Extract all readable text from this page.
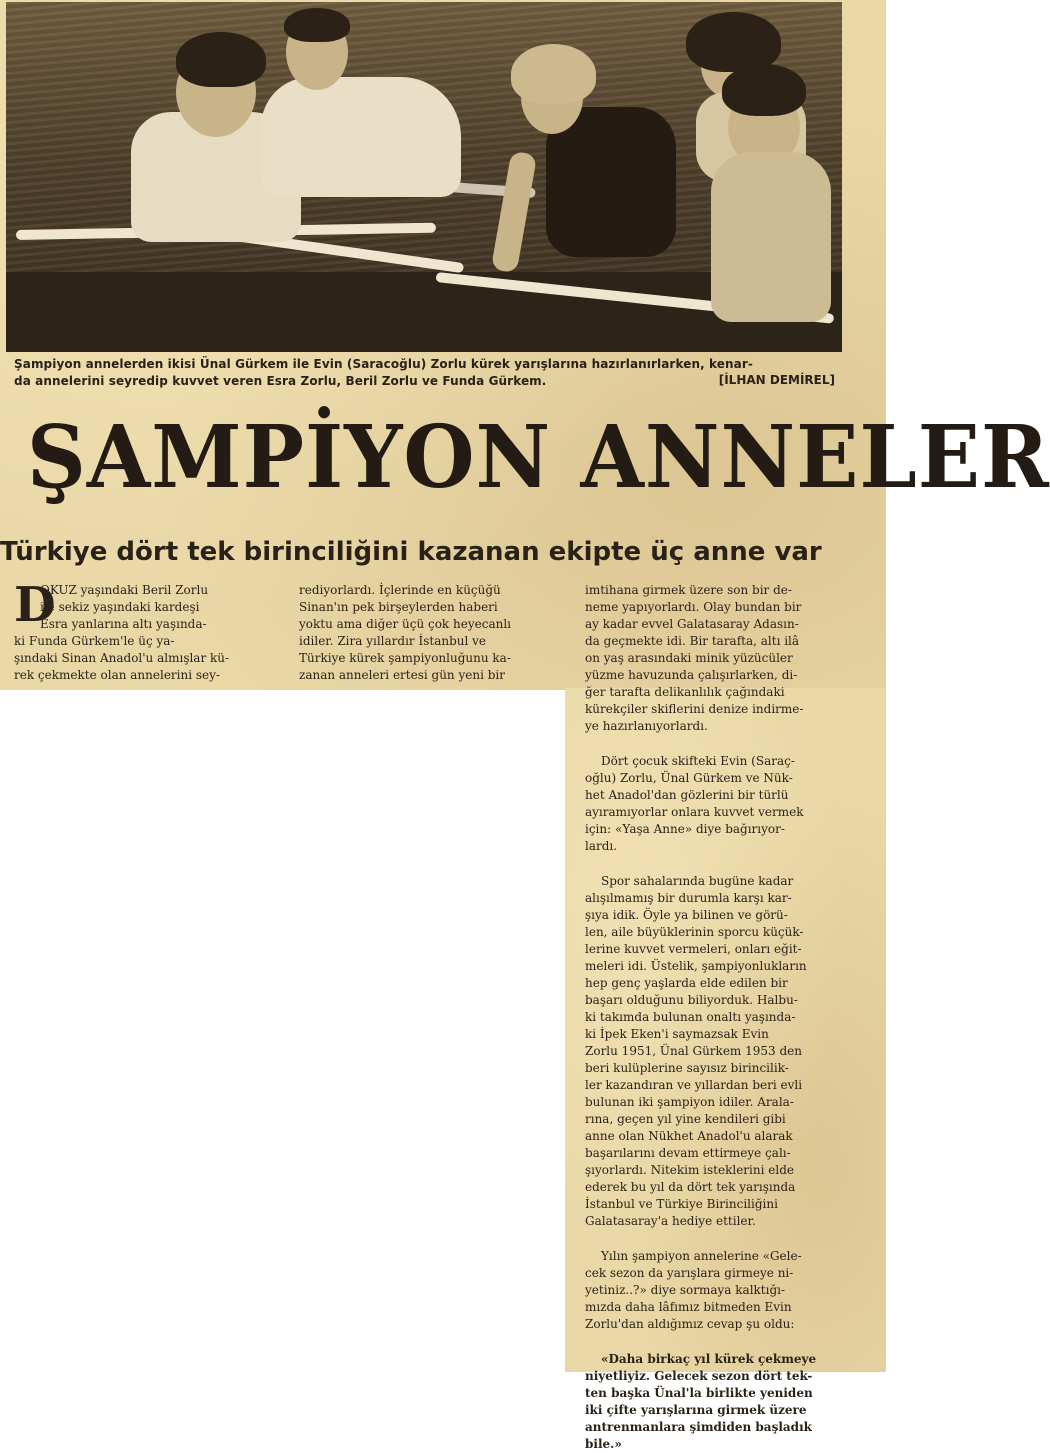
Şampiyon annelerden ikisi Ünal Gürkem ile Evin (Saracoğlu) Zorlu kürek yarışlarına hazırlanırlarken, kenar-
da annelerini seyredip kuvvet veren Esra Zorlu, Beril Zorlu ve Funda Gürkem.	[İLHAN DEMİREL]
ŞAMPİYON ANNELER
Türkiye dört tek birinciliğini kazanan ekipte üç anne var
D
OKUZ yaşındaki Beril Zorlu
ile sekiz yaşındaki kardeşi
Esra yanlarına altı yaşında-
ki Funda Gürkem'le üç ya-
şındaki Sinan Anadol'u almışlar kü-
rek çekmekte olan annelerini sey-
rediyorlardı. İçlerinde en küçüğü
Sinan'ın pek birşeylerden haberi
yoktu ama diğer üçü çok heyecanlı
idiler. Zira yıllardır İstanbul ve
Türkiye kürek şampiyonluğunu ka-
zanan anneleri ertesi gün yeni bir
imtihana girmek üzere son bir de-
neme yapıyorlardı. Olay bundan bir
ay kadar evvel Galatasaray Adasın-
da geçmekte idi. Bir tarafta, altı ilâ
on yaş arasındaki minik yüzücüler
yüzme havuzunda çalışırlarken, di-
ğer tarafta delikanlılık çağındaki
kürekçiler skiflerini denize indirme-
ye hazırlanıyorlardı.
Dört çocuk skifteki Evin (Saraç-
oğlu) Zorlu, Ünal Gürkem ve Nük-
het Anadol'dan gözlerini bir türlü
ayıramıyorlar onlara kuvvet vermek
için: «Yaşa Anne» diye bağırıyor-
lardı.
Spor sahalarında bugüne kadar
alışılmamış bir durumla karşı kar-
şıya idik. Öyle ya bilinen ve görü-
len, aile büyüklerinin sporcu küçük-
lerine kuvvet vermeleri, onları eğit-
meleri idi. Üstelik, şampiyonlukların
hep genç yaşlarda elde edilen bir
başarı olduğunu biliyorduk. Halbu-
ki takımda bulunan onaltı yaşında-
ki İpek Eken'i saymazsak Evin
Zorlu 1951, Ünal Gürkem 1953 den
beri kulüplerine sayısız birincilik-
ler kazandıran ve yıllardan beri evli
bulunan iki şampiyon idiler. Arala-
rına, geçen yıl yine kendileri gibi
anne olan Nükhet Anadol'u alarak
başarılarını devam ettirmeye çalı-
şıyorlardı. Nitekim isteklerini elde
ederek bu yıl da dört tek yarışında
İstanbul ve Türkiye Birinciliğini
Galatasaray'a hediye ettiler.
Yılın şampiyon annelerine «Gele-
cek sezon da yarışlara girmeye ni-
yetiniz..?» diye sormaya kalktığı-
mızda daha lâfımız bitmeden Evin
Zorlu'dan aldığımız cevap şu oldu:
«Daha birkaç yıl kürek çekmeye
niyetliyiz. Gelecek sezon dört tek-
ten başka Ünal'la birlikte yeniden
iki çifte yarışlarına girmek üzere
antrenmanlara şimdiden başladık
bile.»
